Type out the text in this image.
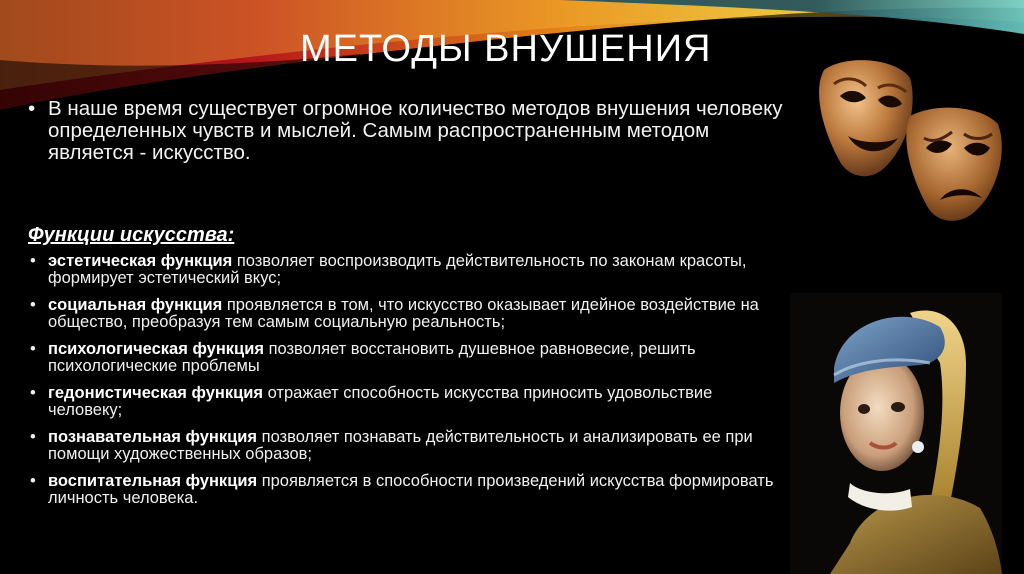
МЕТОДЫ ВНУШЕНИЯ
• В наше время существует огромное количество методов внушения человеку определенных чувств и мыслей. Самым распространенным методом является - искусство.
Функции искусства:
• эстетическая функция позволяет воспроизводить действительность по законам красоты, формирует эстетический вкус;
• социальная функция проявляется в том, что искусство оказывает идейное воздействие на общество, преобразуя тем самым социальную реальность;
• психологическая функция позволяет восстановить душевное равновесие, решить психологические проблемы
• гедонистическая функция отражает способность искусства приносить удовольствие человеку;
• познавательная функция позволяет познавать действительность и анализировать ее при помощи художественных образов;
• воспитательная функция проявляется в способности произведений искусства формировать личность человека.
